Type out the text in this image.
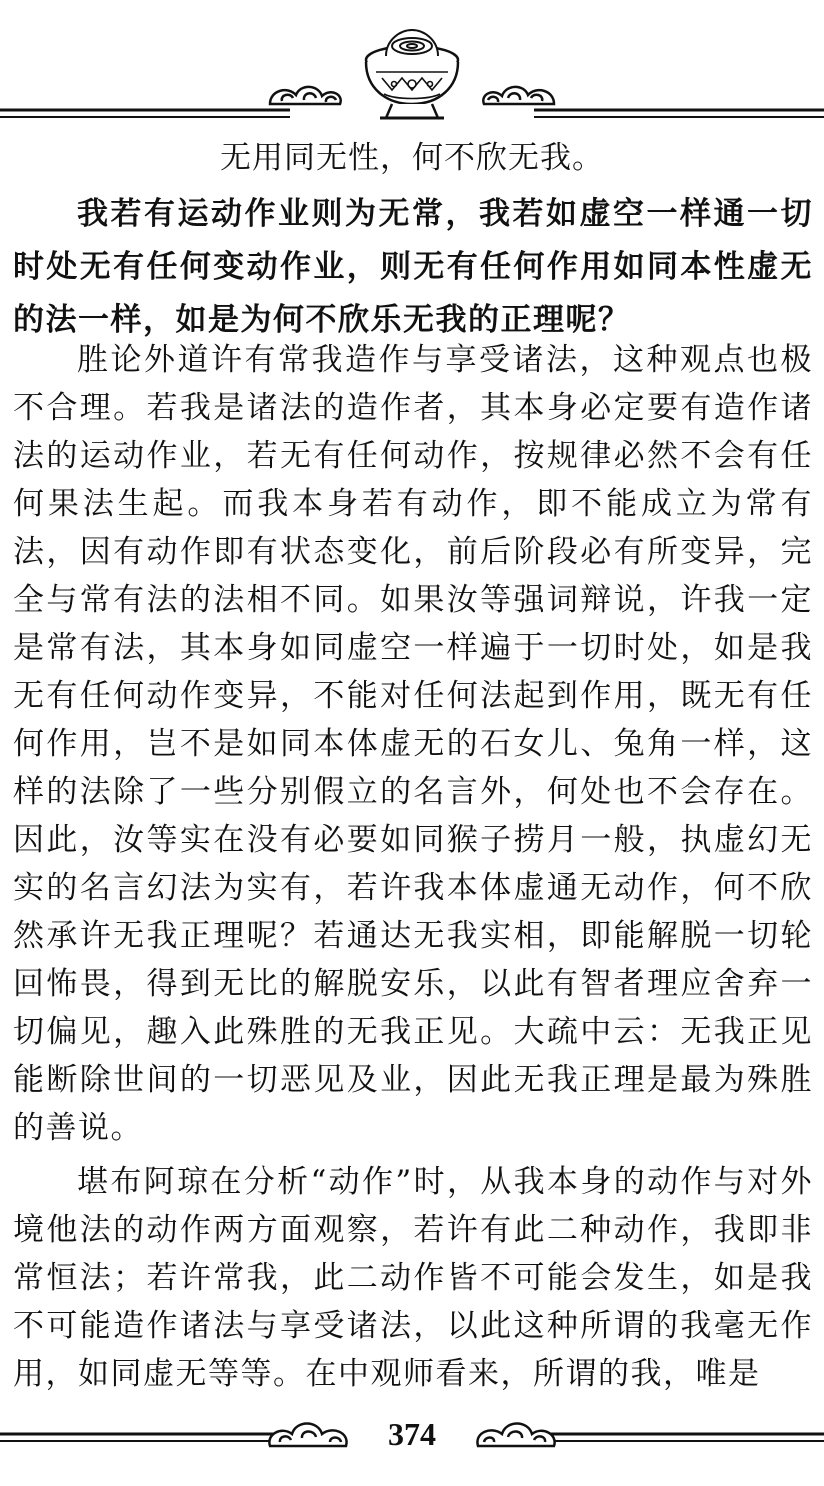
无用同无性，何不欣无我。

我若有运动作业则为无常，我若如虚空一样通一切时处无有任何变动作业，则无有任何作用如同本性虚无的法一样，如是为何不欣乐无我的正理呢？

胜论外道许有常我造作与享受诸法，这种观点也极不合理。若我是诸法的造作者，其本身必定要有造作诸法的运动作业，若无有任何动作，按规律必然不会有任何果法生起。而我本身若有动作，即不能成立为常有法，因有动作即有状态变化，前后阶段必有所变异，完全与常有法的法相不同。如果汝等强词辩说，许我一定是常有法，其本身如同虚空一样遍于一切时处，如是我无有任何动作变异，不能对任何法起到作用，既无有任何作用，岂不是如同本体虚无的石女儿、兔角一样，这样的法除了一些分别假立的名言外，何处也不会存在。因此，汝等实在没有必要如同猴子捞月一般，执虚幻无实的名言幻法为实有，若许我本体虚通无动作，何不欣然承许无我正理呢？若通达无我实相，即能解脱一切轮回怖畏，得到无比的解脱安乐，以此有智者理应舍弃一切偏见，趣入此殊胜的无我正见。大疏中云：无我正见能断除世间的一切恶见及业，因此无我正理是最为殊胜的善说。

堪布阿琼在分析“动作”时，从我本身的动作与对外境他法的动作两方面观察，若许有此二种动作，我即非常恒法；若许常我，此二动作皆不可能会发生，如是我不可能造作诸法与享受诸法，以此这种所谓的我毫无作用，如同虚无等等。在中观师看来，所谓的我，唯是

374
